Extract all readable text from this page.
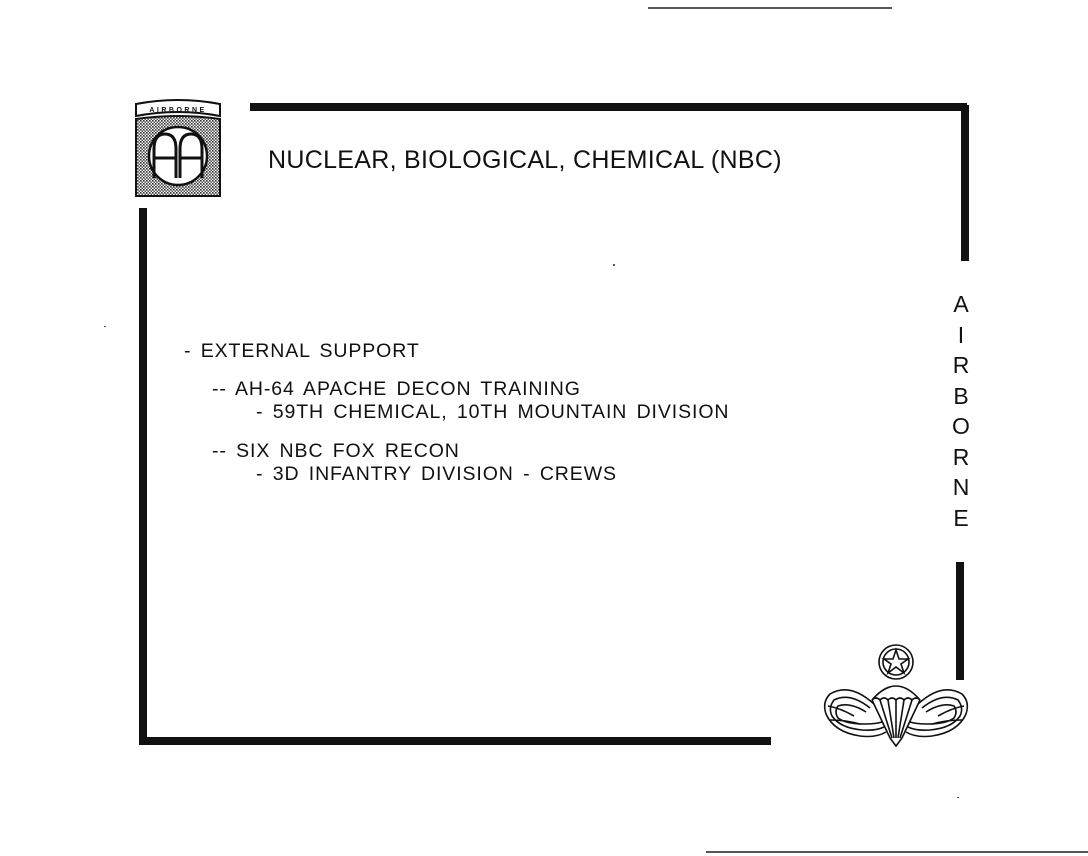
AIRBORNE
NUCLEAR, BIOLOGICAL, CHEMICAL (NBC)
- EXTERNAL SUPPORT
-- AH-64 APACHE DECON TRAINING
- 59TH CHEMICAL, 10TH MOUNTAIN DIVISION
-- SIX NBC FOX RECON
- 3D INFANTRY DIVISION - CREWS
A
I
R
B
O
R
N
E
